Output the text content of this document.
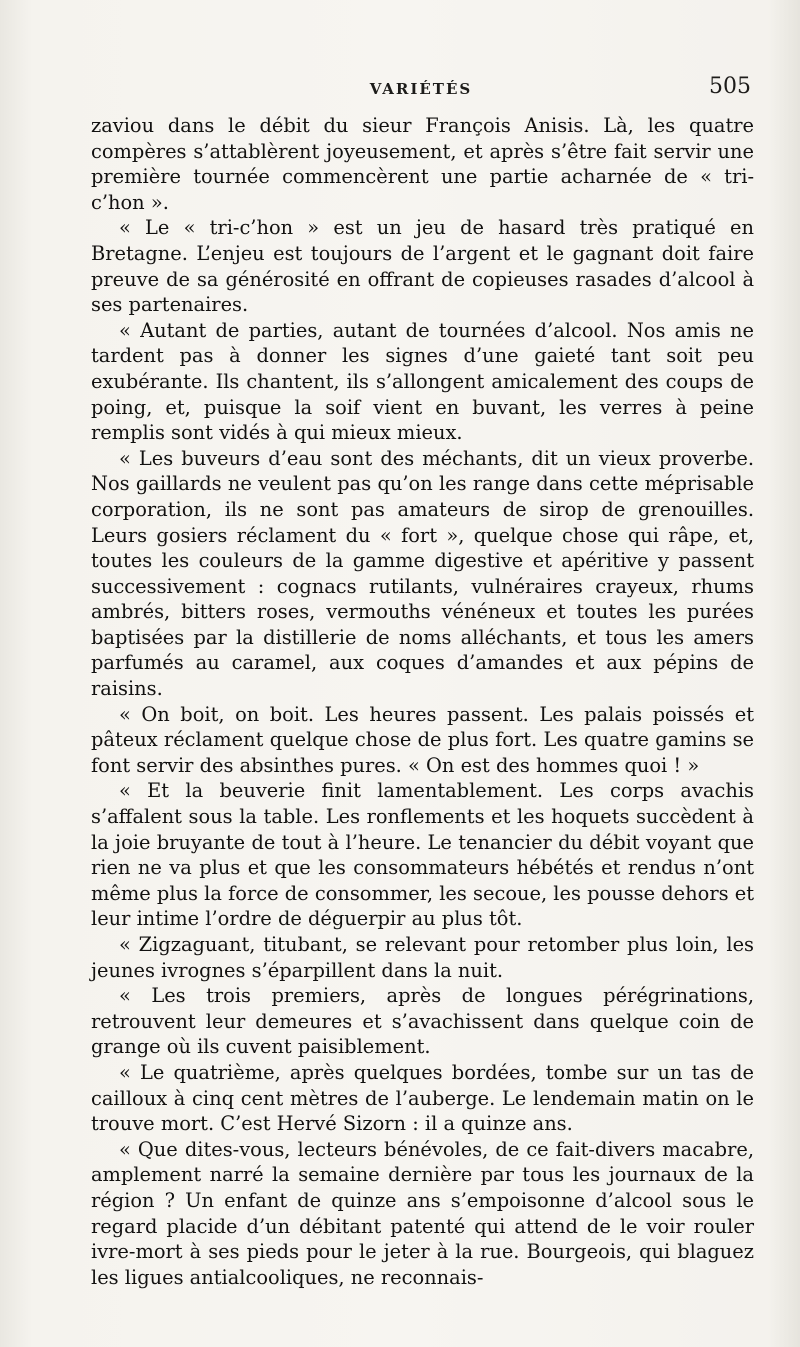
VARIÉTÉS	505

zaviou dans le débit du sieur François Anisis. Là, les quatre compères s’attablèrent joyeusement, et après s’être fait servir une première tournée commencèrent une partie acharnée de « tri-c’hon ».

« Le « tri-c’hon » est un jeu de hasard très pratiqué en Bretagne. L’enjeu est toujours de l’argent et le gagnant doit faire preuve de sa générosité en offrant de copieuses rasades d’alcool à ses partenaires.

« Autant de parties, autant de tournées d’alcool. Nos amis ne tardent pas à donner les signes d’une gaieté tant soit peu exubérante. Ils chantent, ils s’allongent amicalement des coups de poing, et, puisque la soif vient en buvant, les verres à peine remplis sont vidés à qui mieux mieux.

« Les buveurs d’eau sont des méchants, dit un vieux proverbe. Nos gaillards ne veulent pas qu’on les range dans cette méprisable corporation, ils ne sont pas amateurs de sirop de grenouilles. Leurs gosiers réclament du « fort », quelque chose qui râpe, et, toutes les couleurs de la gamme digestive et apéritive y passent successivement : cognacs rutilants, vulnéraires crayeux, rhums ambrés, bitters roses, vermouths vénéneux et toutes les purées baptisées par la distillerie de noms alléchants, et tous les amers parfumés au caramel, aux coques d’amandes et aux pépins de raisins.

« On boit, on boit. Les heures passent. Les palais poissés et pâteux réclament quelque chose de plus fort. Les quatre gamins se font servir des absinthes pures. « On est des hommes quoi ! »

« Et la beuverie finit lamentablement. Les corps avachis s’affalent sous la table. Les ronflements et les hoquets succèdent à la joie bruyante de tout à l’heure. Le tenancier du débit voyant que rien ne va plus et que les consommateurs hébétés et rendus n’ont même plus la force de consommer, les secoue, les pousse dehors et leur intime l’ordre de déguerpir au plus tôt.

« Zigzaguant, titubant, se relevant pour retomber plus loin, les jeunes ivrognes s’éparpillent dans la nuit.

« Les trois premiers, après de longues pérégrinations, retrouvent leur demeures et s’avachissent dans quelque coin de grange où ils cuvent paisiblement.

« Le quatrième, après quelques bordées, tombe sur un tas de cailloux à cinq cent mètres de l’auberge. Le lendemain matin on le trouve mort. C’est Hervé Sizorn : il a quinze ans.

« Que dites-vous, lecteurs bénévoles, de ce fait-divers macabre, amplement narré la semaine dernière par tous les journaux de la région ? Un enfant de quinze ans s’empoisonne d’alcool sous le regard placide d’un débitant patenté qui attend de le voir rouler ivre-mort à ses pieds pour le jeter à la rue. Bourgeois, qui blaguez les ligues antialcooliques, ne reconnais-
